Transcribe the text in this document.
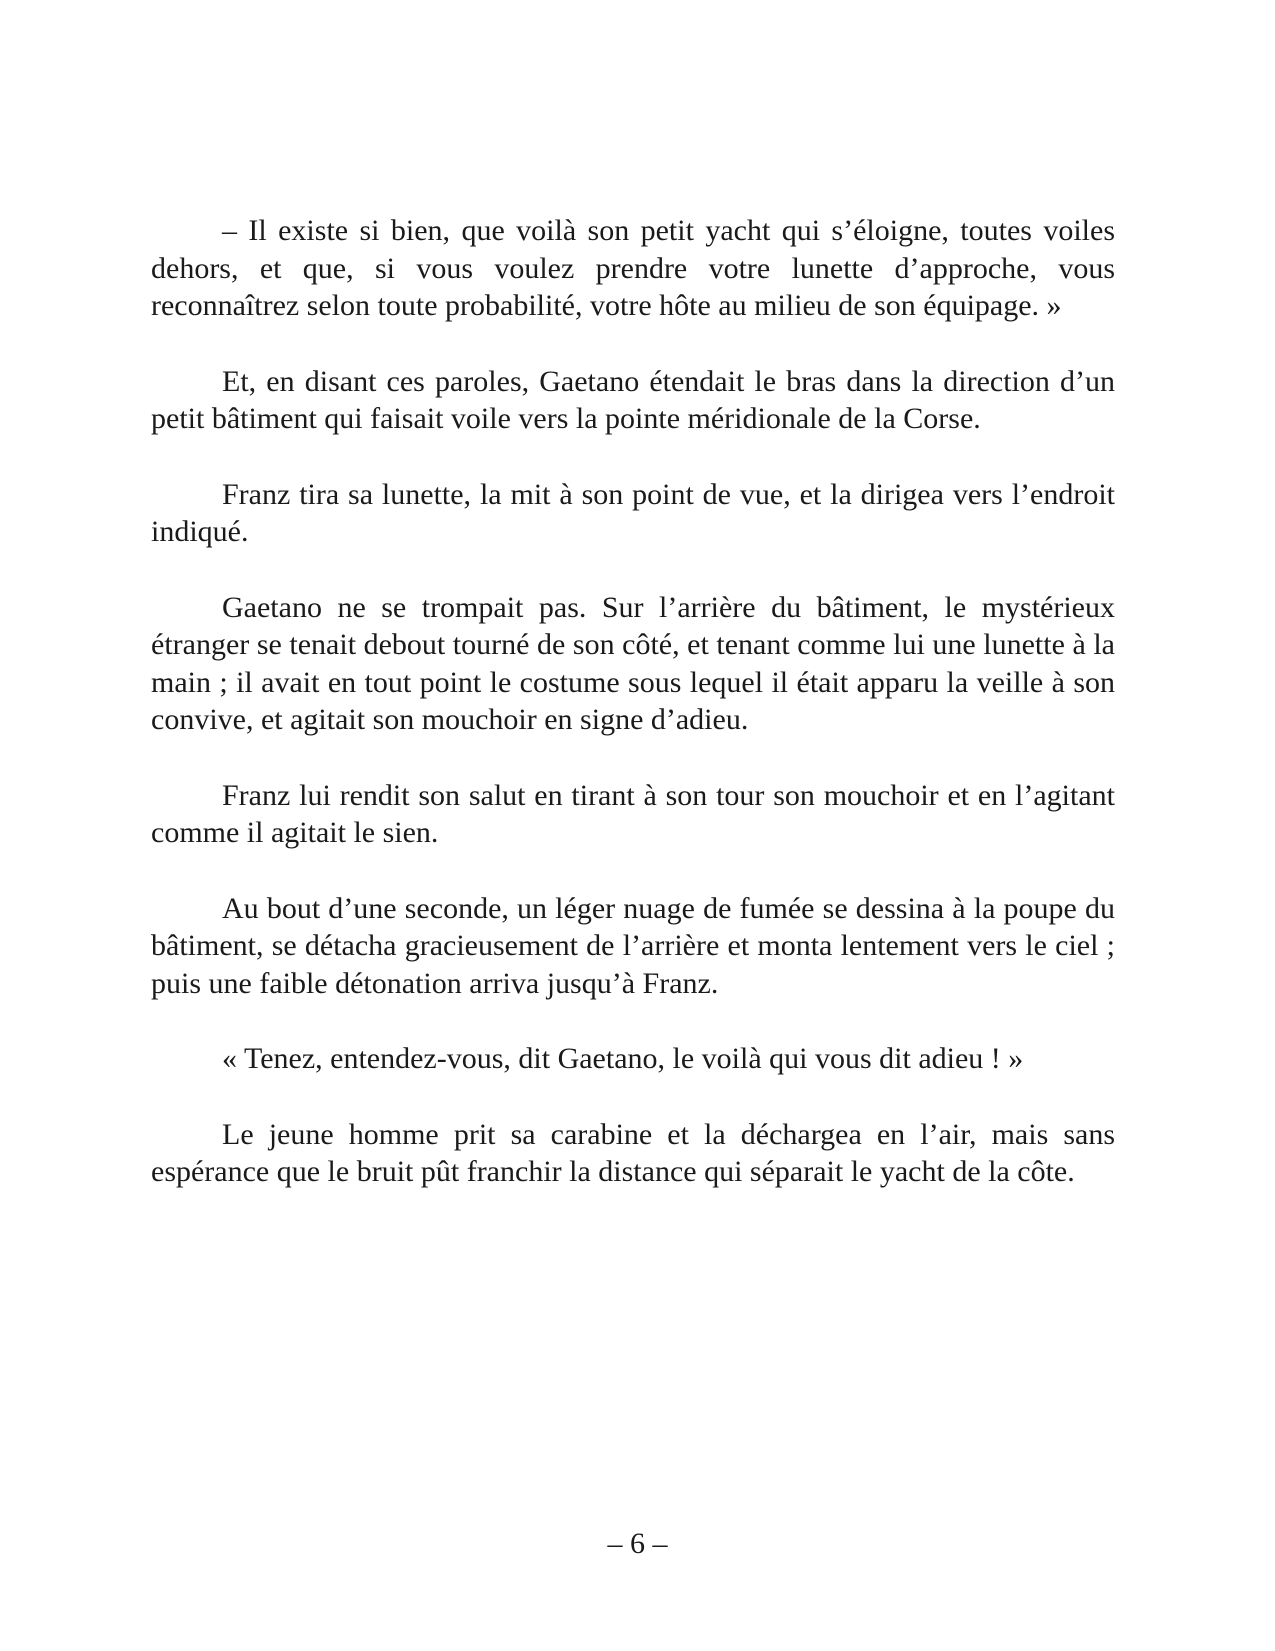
– Il existe si bien, que voilà son petit yacht qui s’éloigne, toutes voiles dehors, et que, si vous voulez prendre votre lunette d’approche, vous reconnaîtrez selon toute probabilité, votre hôte au milieu de son équipage. »

Et, en disant ces paroles, Gaetano étendait le bras dans la direction d’un petit bâtiment qui faisait voile vers la pointe méridionale de la Corse.

Franz tira sa lunette, la mit à son point de vue, et la dirigea vers l’endroit indiqué.

Gaetano ne se trompait pas. Sur l’arrière du bâtiment, le mystérieux étranger se tenait debout tourné de son côté, et tenant comme lui une lunette à la main ; il avait en tout point le costume sous lequel il était apparu la veille à son convive, et agitait son mouchoir en signe d’adieu.

Franz lui rendit son salut en tirant à son tour son mouchoir et en l’agitant comme il agitait le sien.

Au bout d’une seconde, un léger nuage de fumée se dessina à la poupe du bâtiment, se détacha gracieusement de l’arrière et monta lentement vers le ciel ; puis une faible détonation arriva jusqu’à Franz.

« Tenez, entendez-vous, dit Gaetano, le voilà qui vous dit adieu ! »

Le jeune homme prit sa carabine et la déchargea en l’air, mais sans espérance que le bruit pût franchir la distance qui séparait le yacht de la côte.

– 6 –
